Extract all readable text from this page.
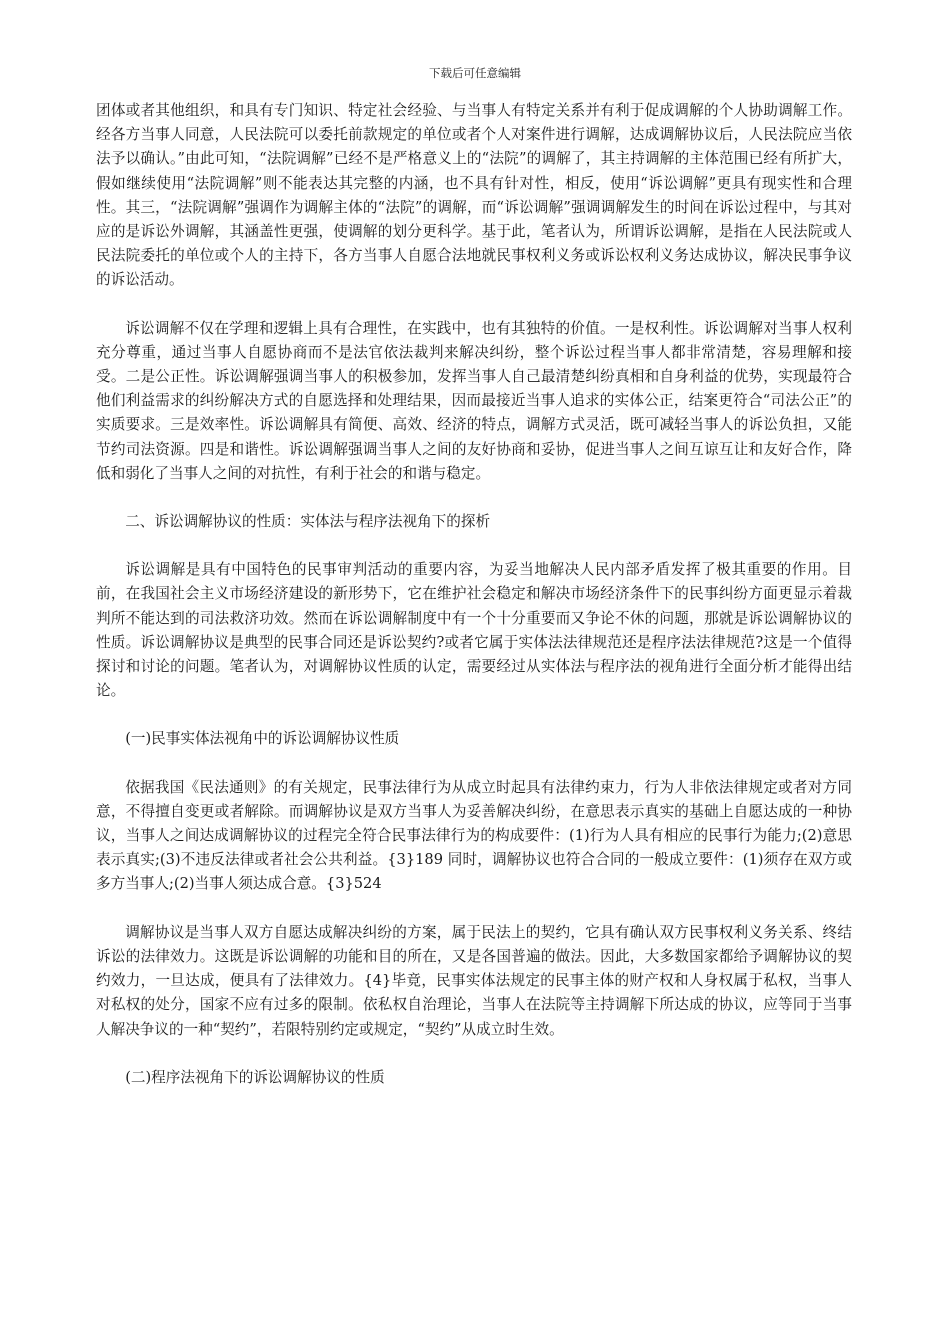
下载后可任意编辑

团体或者其他组织，和具有专门知识、特定社会经验、与当事人有特定关系并有利于促成调解的个人协助调解工作。经各方当事人同意，人民法院可以委托前款规定的单位或者个人对案件进行调解，达成调解协议后，人民法院应当依法予以确认。”由此可知，“法院调解”已经不是严格意义上的“法院”的调解了，其主持调解的主体范围已经有所扩大，假如继续使用“法院调解”则不能表达其完整的内涵，也不具有针对性，相反，使用“诉讼调解”更具有现实性和合理性。其三，“法院调解”强调作为调解主体的“法院”的调解，而“诉讼调解”强调调解发生的时间在诉讼过程中，与其对应的是诉讼外调解，其涵盖性更强，使调解的划分更科学。基于此，笔者认为，所谓诉讼调解，是指在人民法院或人民法院委托的单位或个人的主持下，各方当事人自愿合法地就民事权利义务或诉讼权利义务达成协议，解决民事争议的诉讼活动。

诉讼调解不仅在学理和逻辑上具有合理性，在实践中，也有其独特的价值。一是权利性。诉讼调解对当事人权利充分尊重，通过当事人自愿协商而不是法官依法裁判来解决纠纷，整个诉讼过程当事人都非常清楚，容易理解和接受。二是公正性。诉讼调解强调当事人的积极参加，发挥当事人自己最清楚纠纷真相和自身利益的优势，实现最符合他们利益需求的纠纷解决方式的自愿选择和处理结果，因而最接近当事人追求的实体公正，结案更符合“司法公正”的实质要求。三是效率性。诉讼调解具有简便、高效、经济的特点，调解方式灵活，既可减轻当事人的诉讼负担，又能节约司法资源。四是和谐性。诉讼调解强调当事人之间的友好协商和妥协，促进当事人之间互谅互让和友好合作，降低和弱化了当事人之间的对抗性，有利于社会的和谐与稳定。

二、诉讼调解协议的性质：实体法与程序法视角下的探析

诉讼调解是具有中国特色的民事审判活动的重要内容，为妥当地解决人民内部矛盾发挥了极其重要的作用。目前，在我国社会主义市场经济建设的新形势下，它在维护社会稳定和解决市场经济条件下的民事纠纷方面更显示着裁判所不能达到的司法救济功效。然而在诉讼调解制度中有一个十分重要而又争论不休的问题，那就是诉讼调解协议的性质。诉讼调解协议是典型的民事合同还是诉讼契约?或者它属于实体法法律规范还是程序法法律规范?这是一个值得探讨和讨论的问题。笔者认为，对调解协议性质的认定，需要经过从实体法与程序法的视角进行全面分析才能得出结论。

(一)民事实体法视角中的诉讼调解协议性质

依据我国《民法通则》的有关规定，民事法律行为从成立时起具有法律约束力，行为人非依法律规定或者对方同意，不得擅自变更或者解除。而调解协议是双方当事人为妥善解决纠纷，在意思表示真实的基础上自愿达成的一种协议，当事人之间达成调解协议的过程完全符合民事法律行为的构成要件：(1)行为人具有相应的民事行为能力;(2)意思表示真实;(3)不违反法律或者社会公共利益。{3}189 同时，调解协议也符合合同的一般成立要件：(1)须存在双方或多方当事人;(2)当事人须达成合意。{3}524

调解协议是当事人双方自愿达成解决纠纷的方案，属于民法上的契约，它具有确认双方民事权利义务关系、终结诉讼的法律效力。这既是诉讼调解的功能和目的所在，又是各国普遍的做法。因此，大多数国家都给予调解协议的契约效力，一旦达成，便具有了法律效力。{4}毕竟，民事实体法规定的民事主体的财产权和人身权属于私权，当事人对私权的处分，国家不应有过多的限制。依私权自治理论，当事人在法院等主持调解下所达成的协议，应等同于当事人解决争议的一种“契约”，若限特别约定或规定，“契约”从成立时生效。

(二)程序法视角下的诉讼调解协议的性质
